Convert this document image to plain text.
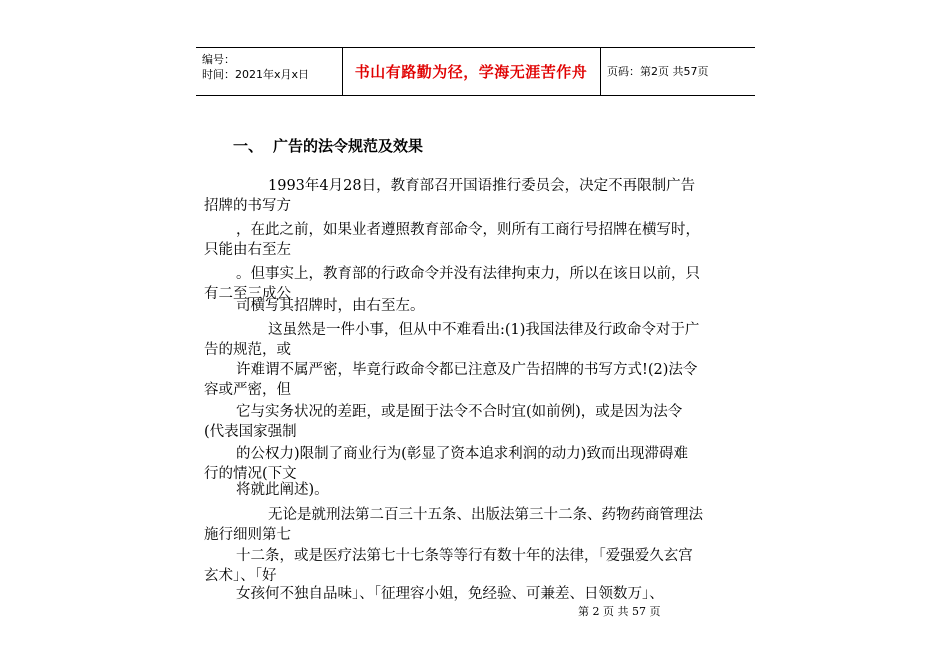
编号：
时间：2021年x月x日	书山有路勤为径，学海无涯苦作舟	页码：第2页 共57页
一、 广告的法令规范及效果
1993年4月28日，教育部召开国语推行委员会，决定不再限制广告
招牌的书写方
，在此之前，如果业者遵照教育部命令，则所有工商行号招牌在横写时，
只能由右至左
。但事实上，教育部的行政命令并没有法律拘束力，所以在该日以前，只
有二至三成公
司横写其招牌时，由右至左。
这虽然是一件小事，但从中不难看出:(1)我国法律及行政命令对于广
告的规范，或
许难谓不属严密，毕竟行政命令都已注意及广告招牌的书写方式!(2)法令
容或严密，但
它与实务状况的差距，或是囿于法令不合时宜(如前例)，或是因为法令
(代表国家强制
的公权力)限制了商业行为(彰显了资本追求利润的动力)致而出现滞碍难
行的情况(下文
将就此阐述)。
无论是就刑法第二百三十五条、出版法第三十二条、药物药商管理法
施行细则第七
十二条，或是医疗法第七十七条等等行有数十年的法律，「爱强爱久玄宫
玄术」、「好
女孩何不独自品味」、「征理容小姐，免经验、可兼差、日领数万」、
第 2 页 共 57 页
